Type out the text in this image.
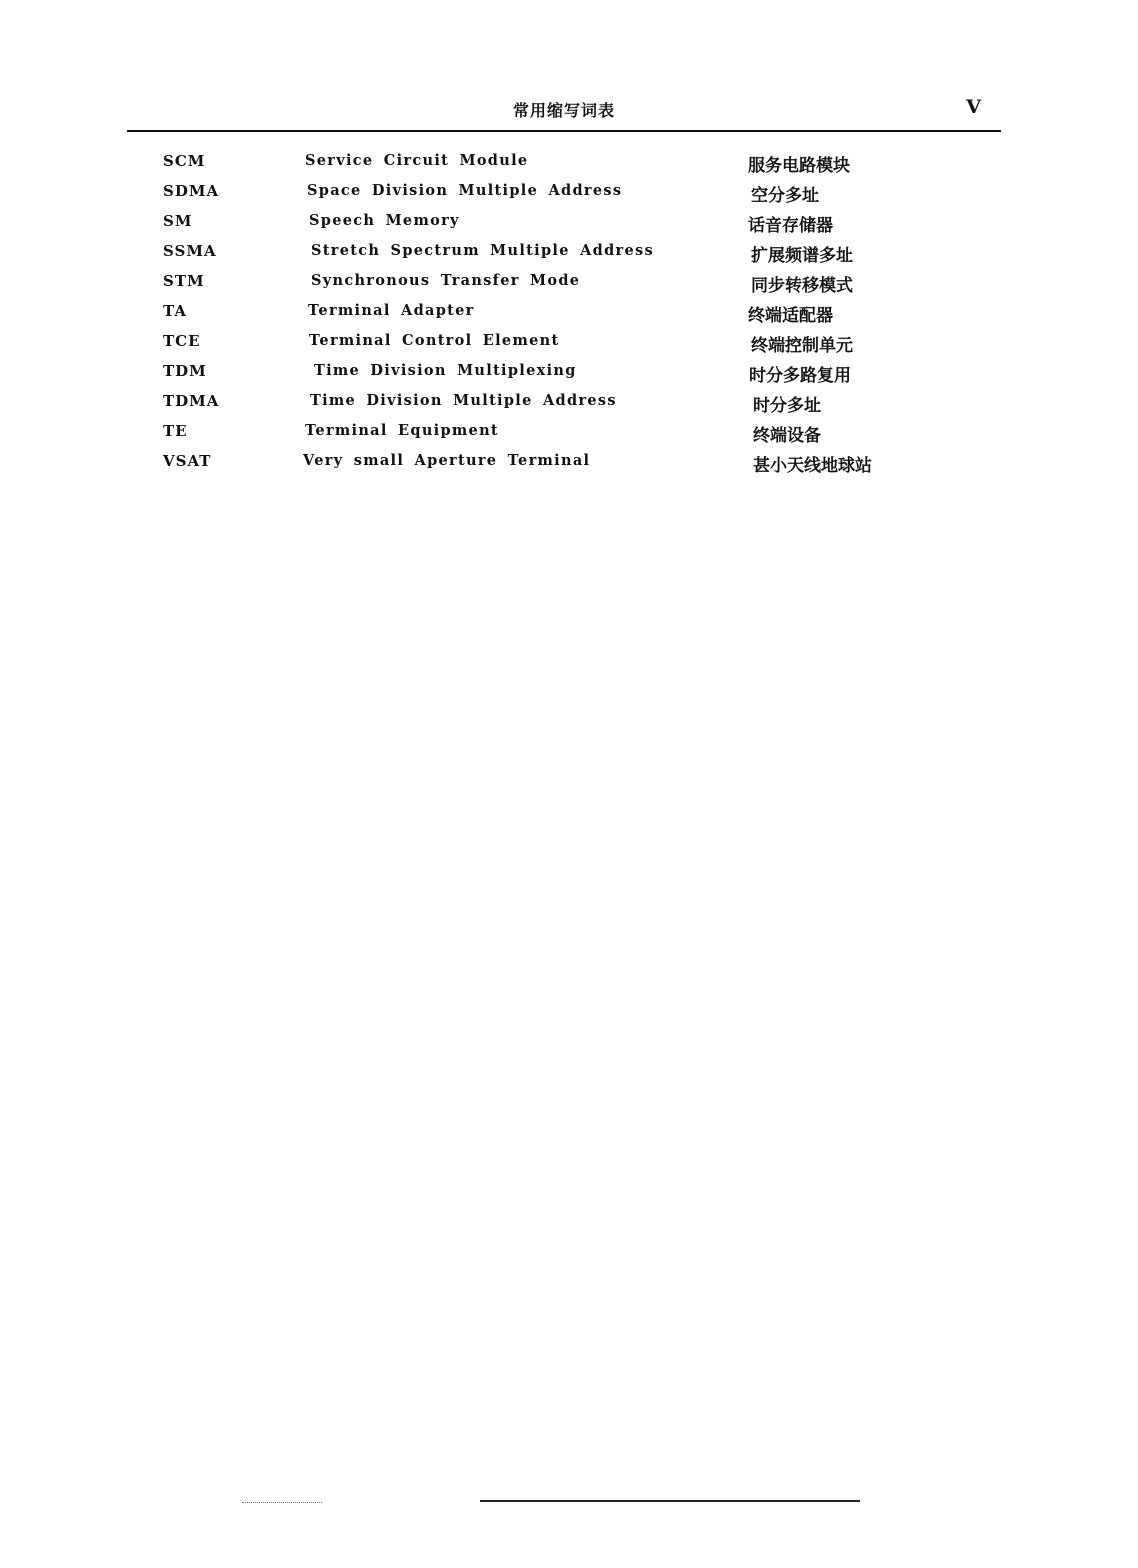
常用缩写词表	V
SCM	Service Circuit Module	服务电路模块
SDMA	Space Division Multiple Address	空分多址
SM	Speech Memory	话音存储器
SSMA	Stretch Spectrum Multiple Address	扩展频谱多址
STM	Synchronous Transfer Mode	同步转移模式
TA	Terminal Adapter	终端适配器
TCE	Terminal Control Element	终端控制单元
TDM	Time Division Multiplexing	时分多路复用
TDMA	Time Division Multiple Address	时分多址
TE	Terminal Equipment	终端设备
VSAT	Very small Aperture Terminal	甚小天线地球站
